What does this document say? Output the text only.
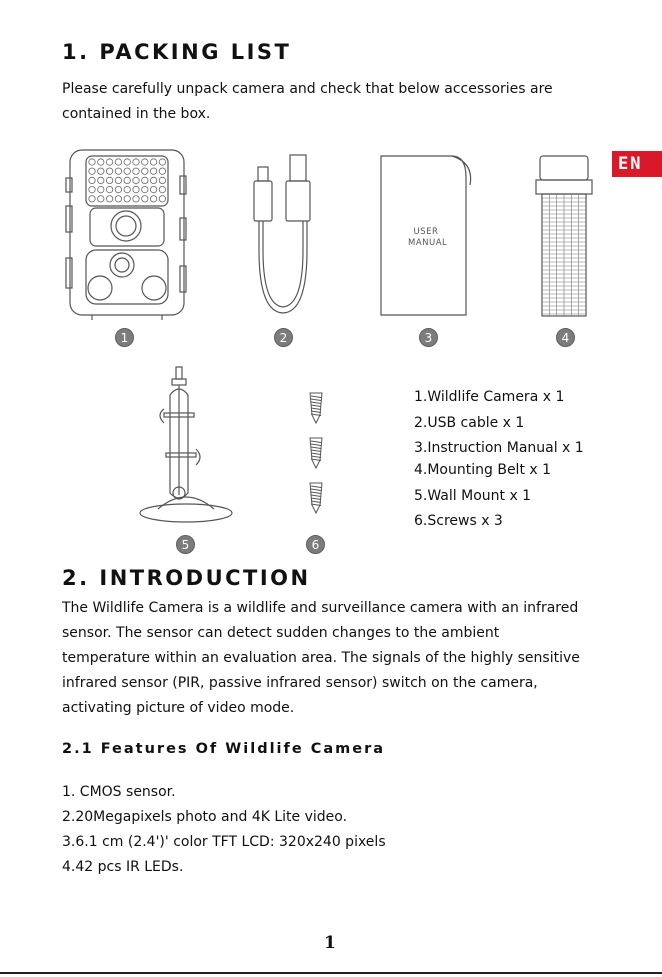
EN
1. PACKING LIST

Please carefully unpack camera and check that below accessories are

contained in the box.

USER
MANUAL
1	2	3	4
5	6
1.Wildlife Camera x 1
2.USB cable x 1
3.Instruction Manual x 1
4.Mounting Belt x 1
5.Wall Mount x 1
6.Screws x 3
2. INTRODUCTION

The Wildlife Camera is a wildlife and surveillance camera with an infrared

sensor. The sensor can detect sudden changes to the ambient

temperature within an evaluation area. The signals of the highly sensitive

infrared sensor (PIR, passive infrared sensor) switch on the camera,

activating picture of video mode.

2.1 Features Of Wildlife Camera
1. CMOS sensor.
2.20Megapixels photo and 4K Lite video.
3.6.1 cm (2.4')' color TFT LCD: 320x240 pixels
4.42 pcs IR LEDs.
1
